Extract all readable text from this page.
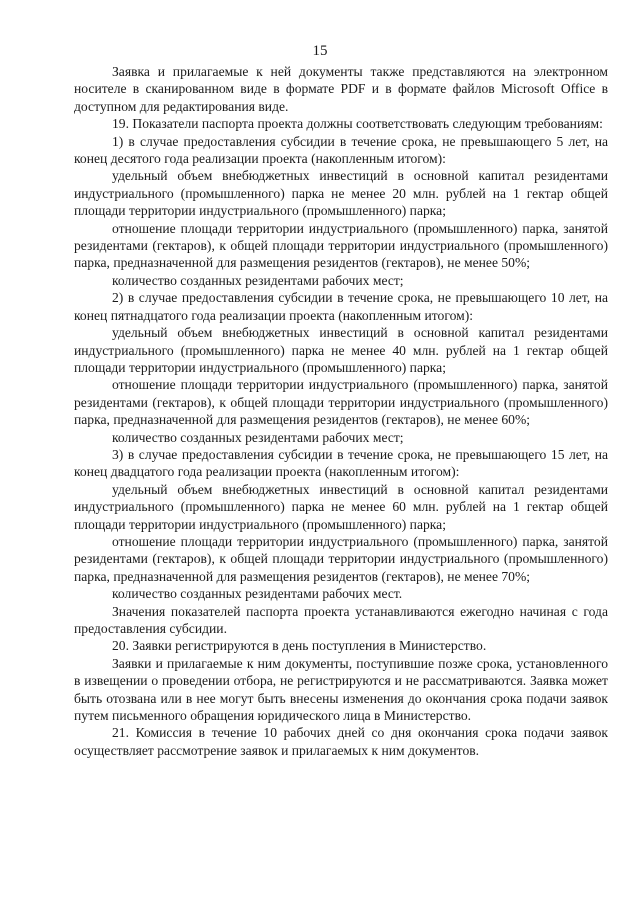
15

Заявка и прилагаемые к ней документы также представляются на электронном носителе в сканированном виде в формате PDF и в формате файлов Microsoft Office в доступном для редактирования виде.

19. Показатели паспорта проекта должны соответствовать следующим требованиям:

1) в случае предоставления субсидии в течение срока, не превышающего 5 лет, на конец десятого года реализации проекта (накопленным итогом):

удельный объем внебюджетных инвестиций в основной капитал резидентами индустриального (промышленного) парка не менее 20 млн. рублей на 1 гектар общей площади территории индустриального (промышленного) парка;

отношение площади территории индустриального (промышленного) парка, занятой резидентами (гектаров), к общей площади территории индустриального (промышленного) парка, предназначенной для размещения резидентов (гектаров), не менее 50%;

количество созданных резидентами рабочих мест;

2) в случае предоставления субсидии в течение срока, не превышающего 10 лет, на конец пятнадцатого года реализации проекта (накопленным итогом):

удельный объем внебюджетных инвестиций в основной капитал резидентами индустриального (промышленного) парка не менее 40 млн. рублей на 1 гектар общей площади территории индустриального (промышленного) парка;

отношение площади территории индустриального (промышленного) парка, занятой резидентами (гектаров), к общей площади территории индустриального (промышленного) парка, предназначенной для размещения резидентов (гектаров), не менее 60%;

количество созданных резидентами рабочих мест;

3) в случае предоставления субсидии в течение срока, не превышающего 15 лет, на конец двадцатого года реализации проекта (накопленным итогом):

удельный объем внебюджетных инвестиций в основной капитал резидентами индустриального (промышленного) парка не менее 60 млн. рублей на 1 гектар общей площади территории индустриального (промышленного) парка;

отношение площади территории индустриального (промышленного) парка, занятой резидентами (гектаров), к общей площади территории индустриального (промышленного) парка, предназначенной для размещения резидентов (гектаров), не менее 70%;

количество созданных резидентами рабочих мест.

Значения показателей паспорта проекта устанавливаются ежегодно начиная с года предоставления субсидии.

20. Заявки регистрируются в день поступления в Министерство.

Заявки и прилагаемые к ним документы, поступившие позже срока, установленного в извещении о проведении отбора, не регистрируются и не рассматриваются. Заявка может быть отозвана или в нее могут быть внесены изменения до окончания срока подачи заявок путем письменного обращения юридического лица в Министерство.

21. Комиссия в течение 10 рабочих дней со дня окончания срока подачи заявок осуществляет рассмотрение заявок и прилагаемых к ним документов.
